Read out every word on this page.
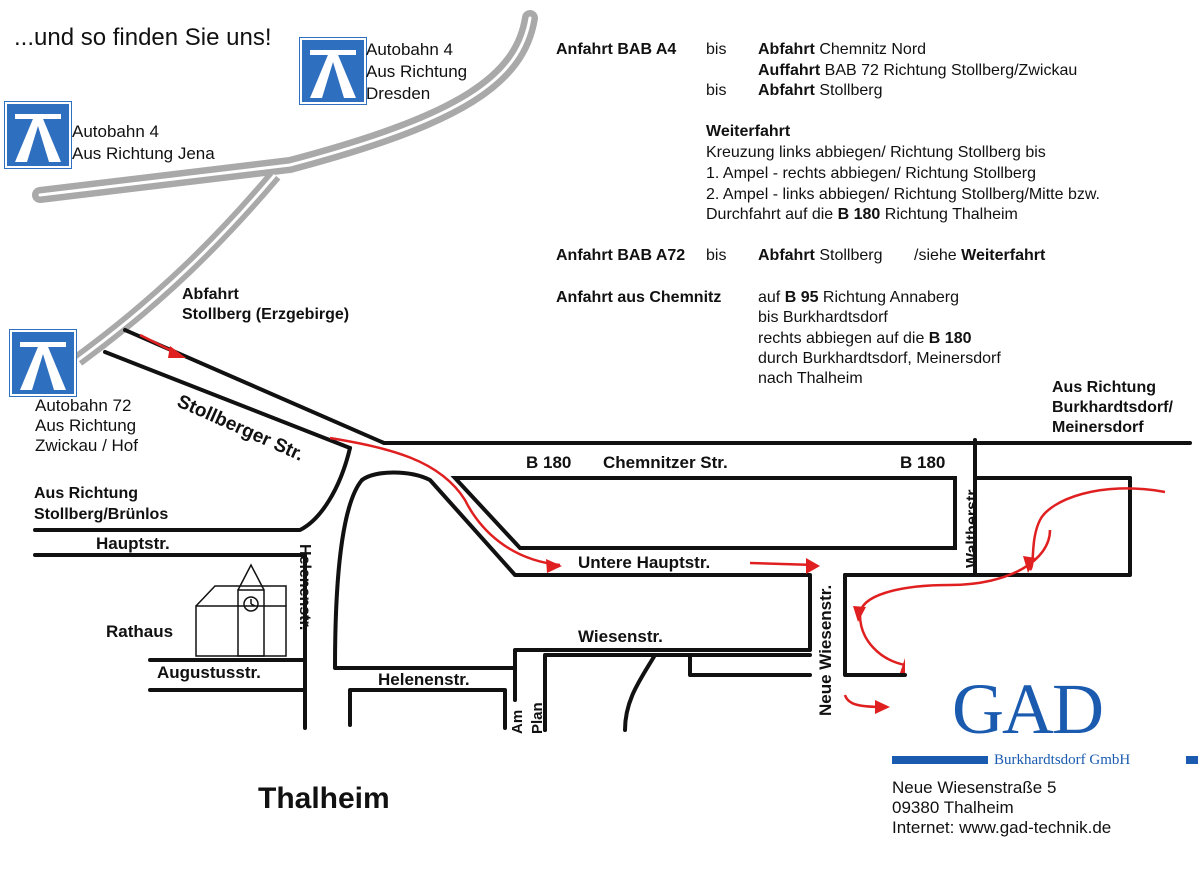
...und so finden Sie uns!	Autobahn 4
Aus Richtung
Dresden
Autobahn 4
Aus Richtung Jena
Autobahn 72
Aus Richtung
Zwickau / Hof
Anfahrt BAB A4 bis Abfahrt Chemnitz Nord
Auffahrt BAB 72 Richtung Stollberg/Zwickau
bis Abfahrt Stollberg
Weiterfahrt
Kreuzung links abbiegen/ Richtung Stollberg bis
1. Ampel - rechts abbiegen/ Richtung Stollberg
2. Ampel - links abbiegen/ Richtung Stollberg/Mitte bzw.
Durchfahrt auf die B 180 Richtung Thalheim
Anfahrt BAB A72 bis Abfahrt Stollberg /siehe Weiterfahrt
Anfahrt aus Chemnitz auf B 95 Richtung Annaberg
bis Burkhardtsdorf
rechts abbiegen auf die B 180
durch Burkhardtsdorf, Meinersdorf
nach Thalheim
Abfahrt
Stollberg (Erzgebirge)
Aus Richtung
Burkhardtsdorf/
Meinersdorf
Aus Richtung
Stollberg/Brünlos
Stollberger Str.	B 180 Chemnitzer Str.	B 180
Waltherstr.
Hauptstr.
Untere Hauptstr.
Helenenstr.	Neue Wiesenstr.
Rathaus	Wiesenstr.
Augustusstr.	Helenenstr.
Am Plan
Thalheim
GAD
Burkhardtsdorf GmbH
Neue Wiesenstraße 5
09380 Thalheim
Internet: www.gad-technik.de
